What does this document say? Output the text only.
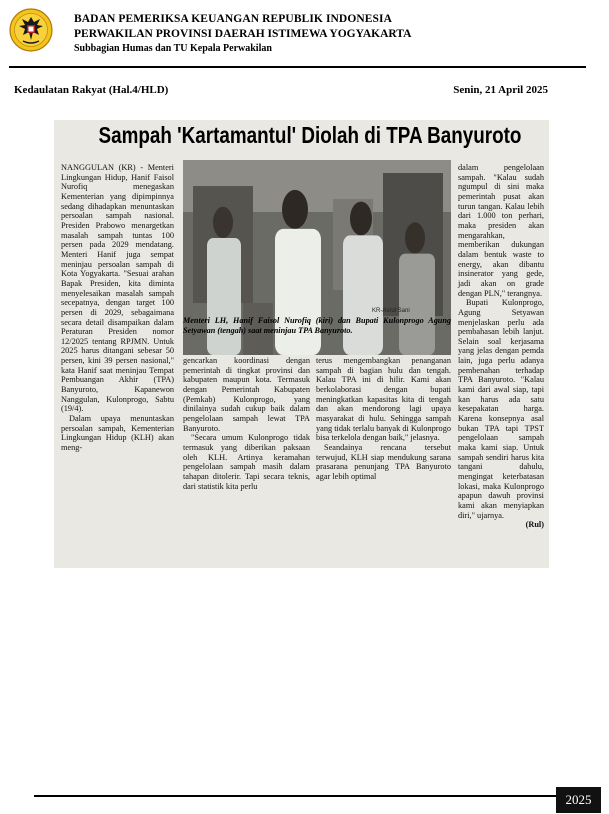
BADAN PEMERIKSA KEUANGAN REPUBLIK INDONESIA
PERWAKILAN PROVINSI DAERAH ISTIMEWA YOGYAKARTA
Subbagian Humas dan TU Kepala Perwakilan
Kedaulatan Rakyat (Hal.4/HLD)	Senin, 21 April 2025
Sampah 'Kartamantul' Diolah di TPA Banyuroto

NANGGULAN (KR) - Menteri Lingkungan Hidup, Hanif Faisol Nurofiq menegaskan Kementerian yang dipimpinnya sedang dihadapkan menuntaskan persoalan sampah nasional. Presiden Prabowo menargetkan masalah sampah tuntas 100 persen pada 2029 mendatang. Menteri Hanif juga sempat meninjau persoalan sampah di Kota Yogyakarta. "Sesuai arahan Bapak Presiden, kita diminta menyelesaikan masalah sampah secepatnya, dengan target 100 persen di 2029, sebagaimana secara detail disampaikan dalam Peraturan Presiden nomor 12/2025 tentang RPJMN. Untuk 2025 harus ditangani sebesar 50 persen, kini 39 persen nasional," kata Hanif saat meninjau Tempat Pembuangan Akhir (TPA) Banyuroto, Kapanewon Nanggulan, Kulonprogo, Sabtu (19/4).

Dalam upaya menuntaskan persoalan sampah, Kementerian Lingkungan Hidup (KLH) akan meng-

KR-Asrul Sani
Menteri LH, Hanif Faisol Nurofiq (kiri) dan Bupati Kulonprogo Agung Setyawan (tengah) saat meninjau TPA Banyuroto.

gencarkan koordinasi dengan pemerintah di tingkat provinsi dan kabupaten maupun kota. Termasuk dengan Pemerintah Kabupaten (Pemkab) Kulonprogo, yang dinilainya sudah cukup baik dalam pengelolaan sampah lewat TPA Banyuroto.

"Secara umum Kulonprogo tidak termasuk yang diberikan paksaan oleh KLH. Artinya keramahan pengelolaan sampah masih dalam tahapan ditolerir. Tapi secara teknis, dari statistik kita perlu

terus mengembangkan penanganan sampah di bagian hulu dan tengah. Kalau TPA ini di hilir. Kami akan berkolaborasi dengan bupati meningkatkan kapasitas kita di tengah dan akan mendorong lagi upaya masyarakat di hulu. Sehingga sampah yang tidak terlalu banyak di Kulonprogo bisa terkelola dengan baik," jelasnya.

Seandainya rencana tersebut terwujud, KLH siap mendukung sarana prasarana penunjang TPA Banyuroto agar lebih optimal

dalam pengelolaan sampah. "Kalau sudah ngumpul di sini maka pemerintah pusat akan turun tangan. Kalau lebih dari 1.000 ton perhari, maka presiden akan mengarahkan, memberikan dukungan dalam bentuk waste to energy, akan dibantu insinerator yang gede, jadi akan on grade dengan PLN," terangnya.

Bupati Kulonprogo, Agung Setyawan menjelaskan perlu ada pembahasan lebih lanjut. Selain soal kerjasama yang jelas dengan pemda lain, juga perlu adanya pembenahan terhadap TPA Banyuroto. "Kalau kami dari awal siap, tapi kan harus ada satu kesepakatan harga. Karena konsepnya asal bukan TPA tapi TPST pengelolaan sampah maka kami siap. Untuk sampah sendiri harus kita tangani dahulu, mengingat keterbatasan lokasi, maka Kulonprogo apapun dawuh provinsi kami akan menyiapkan diri," ujarnya.

(Rul)

2025
